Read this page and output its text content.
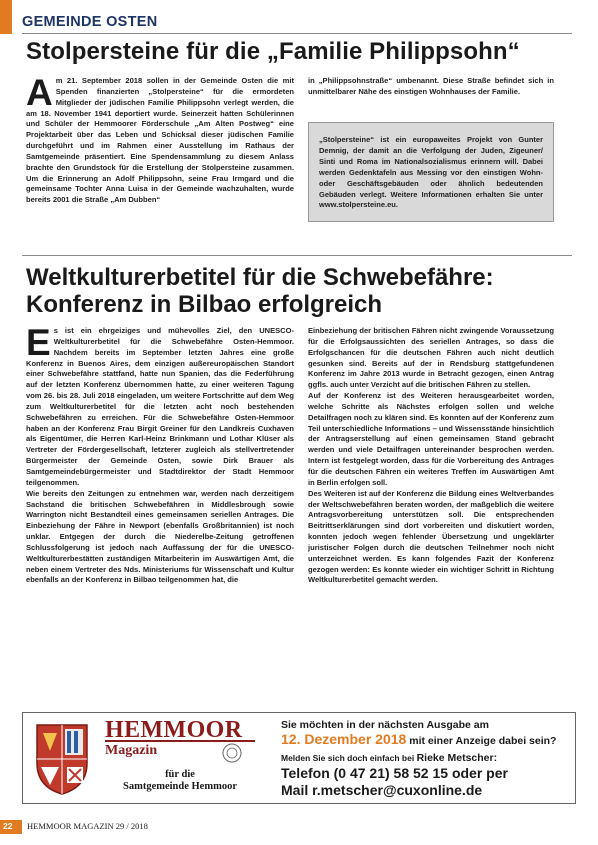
GEMEINDE OSTEN
Stolpersteine für die „Familie Philippsohn“

Am 21. September 2018 sollen in der Gemeinde Osten die mit Spenden finanzierten „Stolpersteine“ für die ermordeten Mitglieder der jüdischen Familie Philippsohn verlegt werden, die am 18. November 1941 deportiert wurde. Seinerzeit hatten Schülerinnen und Schüler der Hemmoorer Förderschule „Am Alten Postweg“ eine Projektarbeit über das Leben und Schicksal dieser jüdischen Familie durchgeführt und im Rahmen einer Ausstellung im Rathaus der Samtgemeinde präsentiert. Eine Spendensammlung zu diesem Anlass brachte den Grundstock für die Erstellung der Stolpersteine zusammen. Um die Erinnerung an Adolf Philippsohn, seine Frau Irmgard und die gemeinsame Tochter Anna Luisa in der Gemeinde wachzuhalten, wurde bereits 2001 die Straße „Am Dubben“

in „Philippsohnstraße“ umbenannt. Diese Straße befindet sich in unmittelbarer Nähe des einstigen Wohnhauses der Familie.

„Stolpersteine“ ist ein europaweites Projekt von Gunter Demnig, der damit an die Verfolgung der Juden, Zigeuner/ Sinti und Roma im Nationalsozialismus erinnern will. Dabei werden Gedenktafeln aus Messing vor den einstigen Wohn- oder Geschäftsgebäuden oder ähnlich bedeutenden Gebäuden verlegt. Weitere Informationen erhalten Sie unter www.stolpersteine.eu.
Weltkulturerbetitel für die Schwebefähre:
Konferenz in Bilbao erfolgreich

Es ist ein ehrgeiziges und mühevolles Ziel, den UNESCO-Weltkulturerbetitel für die Schwebefähre Osten-Hemmoor. Nachdem bereits im September letzten Jahres eine große Konferenz in Buenos Aires, dem einzigen außereuropäischen Standort einer Schwebefähre stattfand, hatte nun Spanien, das die Federführung auf der letzten Konferenz übernommen hatte, zu einer weiteren Tagung vom 26. bis 28. Juli 2018 eingeladen, um weitere Fortschritte auf dem Weg zum Weltkulturerbetitel für die letzten acht noch bestehenden Schwebefähren zu erreichen. Für die Schwebefähre Osten-Hemmoor haben an der Konferenz Frau Birgit Greiner für den Landkreis Cuxhaven als Eigentümer, die Herren Karl-Heinz Brinkmann und Lothar Klüser als Vertreter der Fördergesellschaft, letzterer zugleich als stellvertretender Bürgermeister der Gemeinde Osten, sowie Dirk Brauer als Samtgemeindebürgermeister und Stadtdirektor der Stadt Hemmoor teilgenommen.

Wie bereits den Zeitungen zu entnehmen war, werden nach derzeitigem Sachstand die britischen Schwebefähren in Middlesbrough sowie Warrington nicht Bestandteil eines gemeinsamen seriellen Antrages. Die Einbeziehung der Fähre in Newport (ebenfalls Großbritannien) ist noch unklar. Entgegen der durch die Niederelbe-Zeitung getroffenen Schlussfolgerung ist jedoch nach Auffassung der für die UNESCO-Weltkulturerbestätten zuständigen Mitarbeiterin im Auswärtigen Amt, die neben einem Vertreter des Nds. Ministeriums für Wissenschaft und Kultur ebenfalls an der Konferenz in Bilbao teilgenommen hat, die

Einbeziehung der britischen Fähren nicht zwingende Voraussetzung für die Erfolgsaussichten des seriellen Antrages, so dass die Erfolgschancen für die deutschen Fähren auch nicht deutlich gesunken sind. Bereits auf der in Rendsburg stattgefundenen Konferenz im Jahre 2013 wurde in Betracht gezogen, einen Antrag ggfls. auch unter Verzicht auf die britischen Fähren zu stellen.

Auf der Konferenz ist des Weiteren herausgearbeitet worden, welche Schritte als Nächstes erfolgen sollen und welche Detailfragen noch zu klären sind. Es konnten auf der Konferenz zum Teil unterschiedliche Informations – und Wissensstände hinsichtlich der Antragserstellung auf einen gemeinsamen Stand gebracht werden und viele Detailfragen untereinander besprochen werden. Intern ist festgelegt worden, dass für die Vorbereitung des Antrages für die deutschen Fähren ein weiteres Treffen im Auswärtigen Amt in Berlin erfolgen soll.

Des Weiteren ist auf der Konferenz die Bildung eines Weltverbandes der Weltschwebefähren beraten worden, der maßgeblich die weitere Antragsvorbereitung unterstützen soll. Die entsprechenden Beitrittserklärungen sind dort vorbereiten und diskutiert worden, konnten jedoch wegen fehlender Übersetzung und ungeklärter juristischer Folgen durch die deutschen Teilnehmer noch nicht unterzeichnet werden. Es kann folgendes Fazit der Konferenz gezogen werden: Es konnte wieder ein wichtiger Schritt in Richtung Weltkulturerbetitel gemacht werden.

HEMMOOR
Magazin
für die
Samtgemeinde Hemmoor
Sie möchten in der nächsten Ausgabe am
12. Dezember 2018 mit einer Anzeige dabei sein?
Melden Sie sich doch einfach bei Rieke Metscher:
Telefon (0 47 21) 58 52 15 oder per
Mail r.metscher@cuxonline.de
22 HEMMOOR MAGAZIN 29 / 2018
